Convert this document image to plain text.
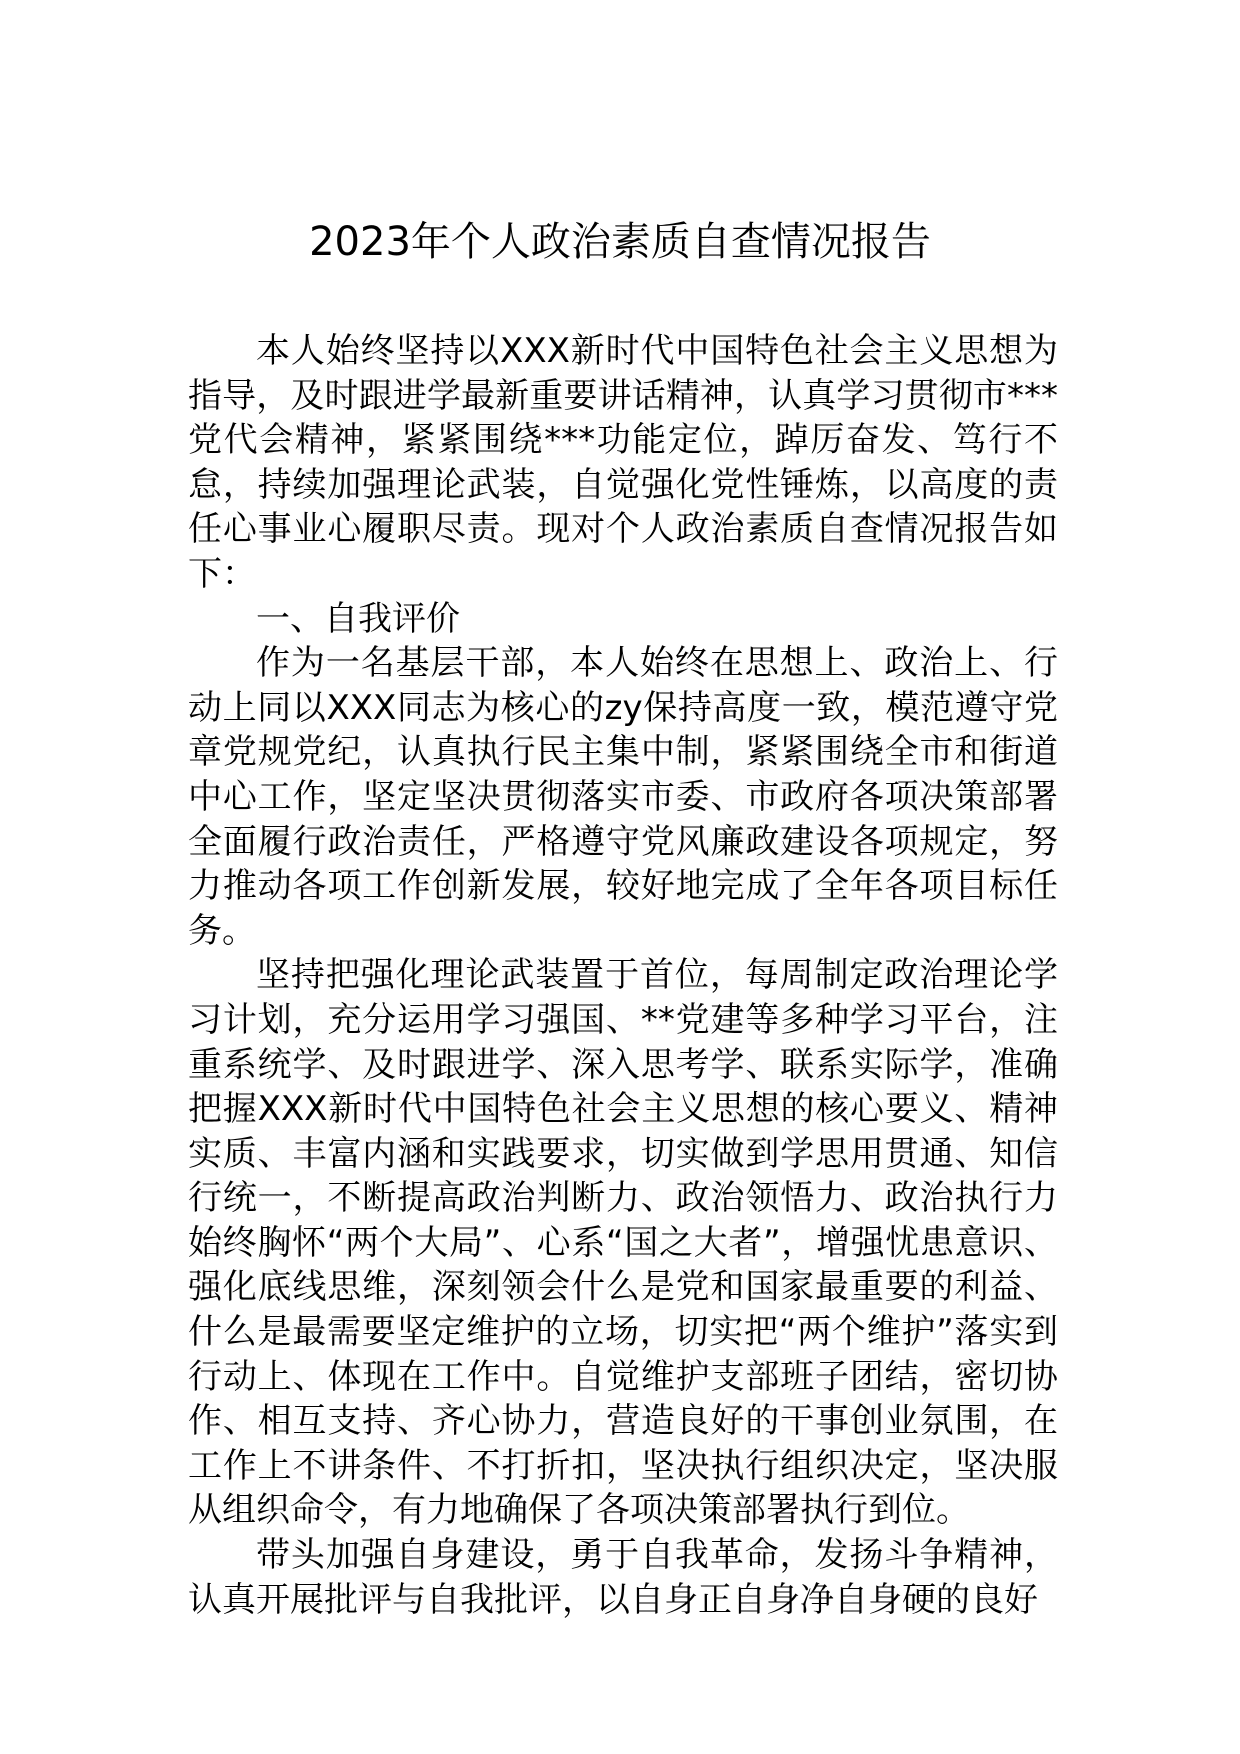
2023年个人政治素质自查情况报告

本人始终坚持以XXX新时代中国特色社会主义思想为指导，及时跟进学最新重要讲话精神，认真学习贯彻市***党代会精神，紧紧围绕***功能定位，踔厉奋发、笃行不怠，持续加强理论武装，自觉强化党性锤炼，以高度的责任心事业心履职尽责。现对个人政治素质自查情况报告如下：

一、自我评价

作为一名基层干部，本人始终在思想上、政治上、行动上同以XXX同志为核心的zy保持高度一致，模范遵守党章党规党纪，认真执行民主集中制，紧紧围绕全市和街道中心工作，坚定坚决贯彻落实市委、市政府各项决策部署全面履行政治责任，严格遵守党风廉政建设各项规定，努力推动各项工作创新发展，较好地完成了全年各项目标任务。

坚持把强化理论武装置于首位，每周制定政治理论学习计划，充分运用学习强国、**党建等多种学习平台，注重系统学、及时跟进学、深入思考学、联系实际学，准确把握XXX新时代中国特色社会主义思想的核心要义、精神实质、丰富内涵和实践要求，切实做到学思用贯通、知信行统一，不断提高政治判断力、政治领悟力、政治执行力始终胸怀“两个大局”、心系“国之大者”，增强忧患意识、强化底线思维，深刻领会什么是党和国家最重要的利益、什么是最需要坚定维护的立场，切实把“两个维护”落实到行动上、体现在工作中。自觉维护支部班子团结，密切协作、相互支持、齐心协力，营造良好的干事创业氛围，在工作上不讲条件、不打折扣，坚决执行组织决定，坚决服从组织命令，有力地确保了各项决策部署执行到位。

带头加强自身建设，勇于自我革命，发扬斗争精神，认真开展批评与自我批评，以自身正自身净自身硬的良好
